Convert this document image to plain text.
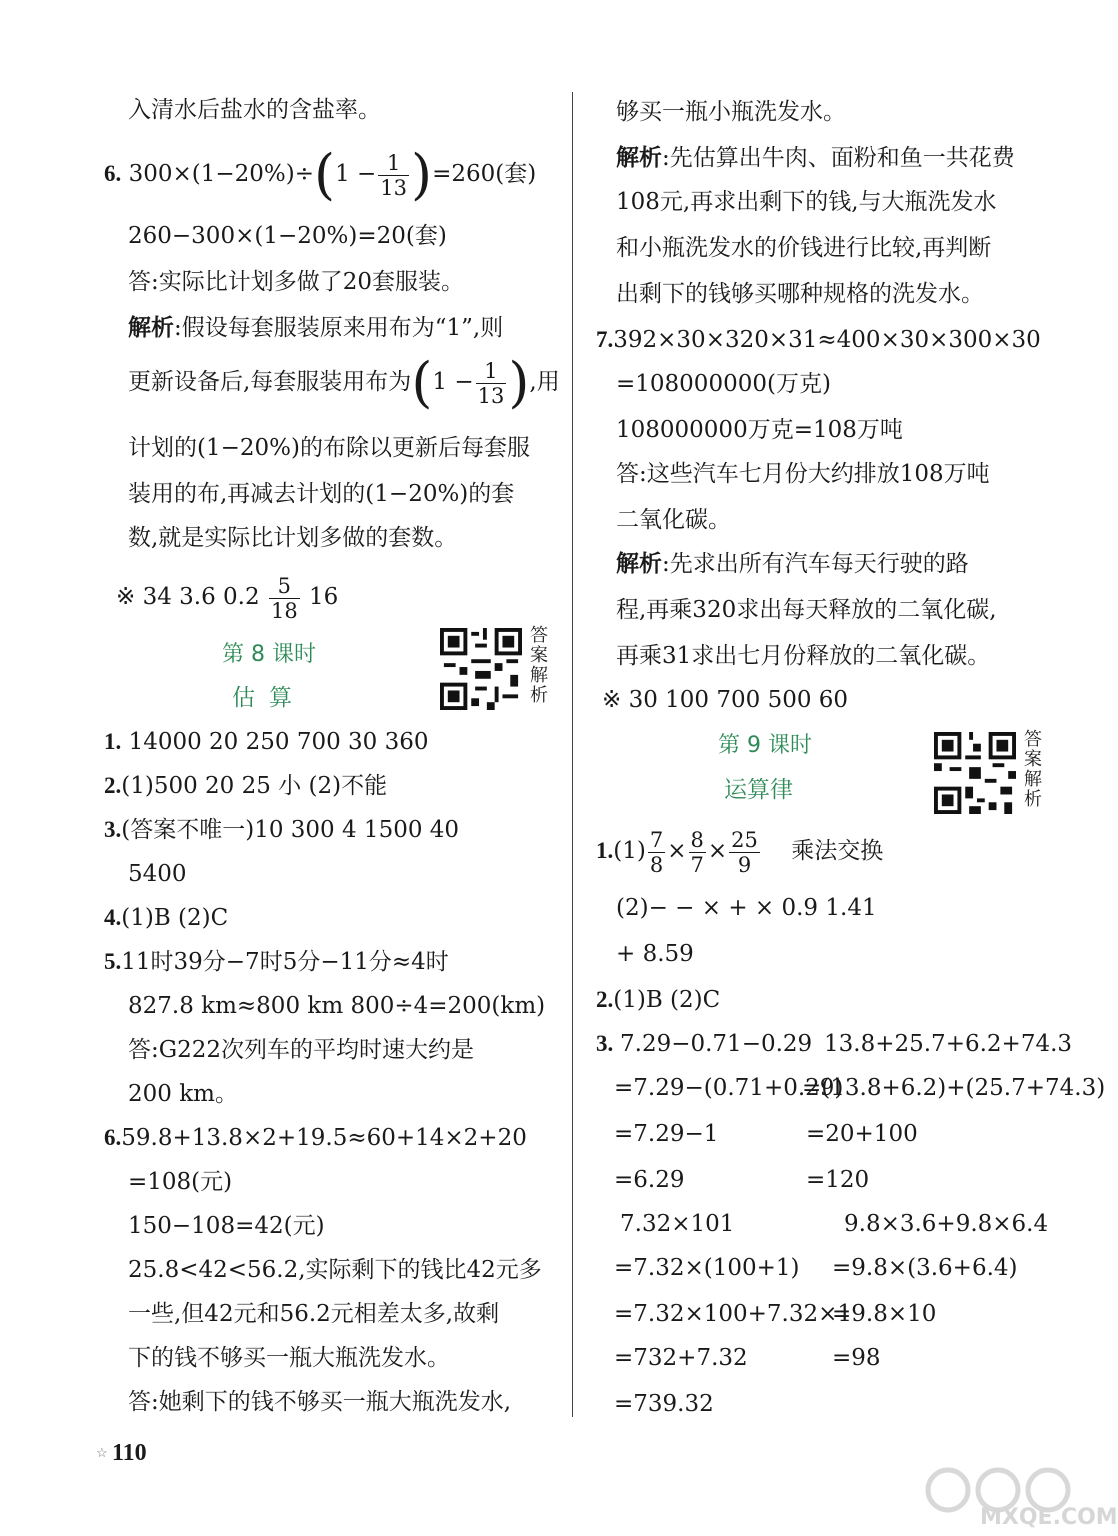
入清水后盐水的含盐率。
6. $300\times(1-20\%)\div(1 - \frac{1}{13} )=260$(套)
260−300×(1−20%)=20(套)
答:实际比计划多做了20套服装。
解析:假设每套服装原来用布为“1”,则
更新设备后,每套服装用布为($1 - \frac{1}{13}$ ),用
计划的(1−20%)的布除以更新后每套服
装用的布,再减去计划的(1−20%)的套
数,就是实际比计划多做的套数。
※ 34 3.6 $0.2 \frac{5}{18} 16$
第 8 课时
估算
1. 14000 20 250 700 30 360
2.(1)500 20 25 小 (2)不能
3.(答案不唯一)10 300 4 1500 40
5400
4.(1)B (2)C
5.11时39分−7时5分−11分≈4时
827.8 km≈800 km 800÷4=200(km)
答:G222次列车的平均时速大约是
200 km。
6.59.8+13.8×2+19.5≈60+14×2+20
=108(元)
150−108=42(元)
25.8<42<56.2,实际剩下的钱比42元多
一些,但42元和56.2元相差太多,故剩
下的钱不够买一瓶大瓶洗发水。
答:她剩下的钱不够买一瓶大瓶洗发水,
答
案
解
析
够买一瓶小瓶洗发水。
解析:先估算出牛肉、面粉和鱼一共花费
108元,再求出剩下的钱,与大瓶洗发水
和小瓶洗发水的价钱进行比较,再判断
出剩下的钱够买哪种规格的洗发水。
7.392×30×320×31≈400×30×300×30
=108000000(万克)
108000000万克=108万吨
答:这些汽车七月份大约排放108万吨
二氧化碳。
解析:先求出所有汽车每天行驶的路
程,再乘320求出每天释放的二氧化碳,
再乘31求出七月份释放的二氧化碳。
※ 30 100 700 500 60
第 9 课时
运算律
$1.(1) \frac{7}{8} \times \frac{8}{7} \times \frac{25}{9}$ 乘法交换
(2)− − × + × 0.9 1.41
+ 8.59
2.(1)B (2)C
3. 7.29−0.71−0.29
=7.29−(0.71+0.29)
=7.29−1
=6.29
13.8+25.7+6.2+74.3
=(13.8+6.2)+(25.7+74.3)
=20+100
=120
7.32×101
=7.32×(100+1)
=7.32×100+7.32×1
=732+7.32
=739.32
9.8×3.6+9.8×6.4
=9.8×(3.6+6.4)
=9.8×10
=98
答
案
解
析
☆ 110
MXQE.COM
